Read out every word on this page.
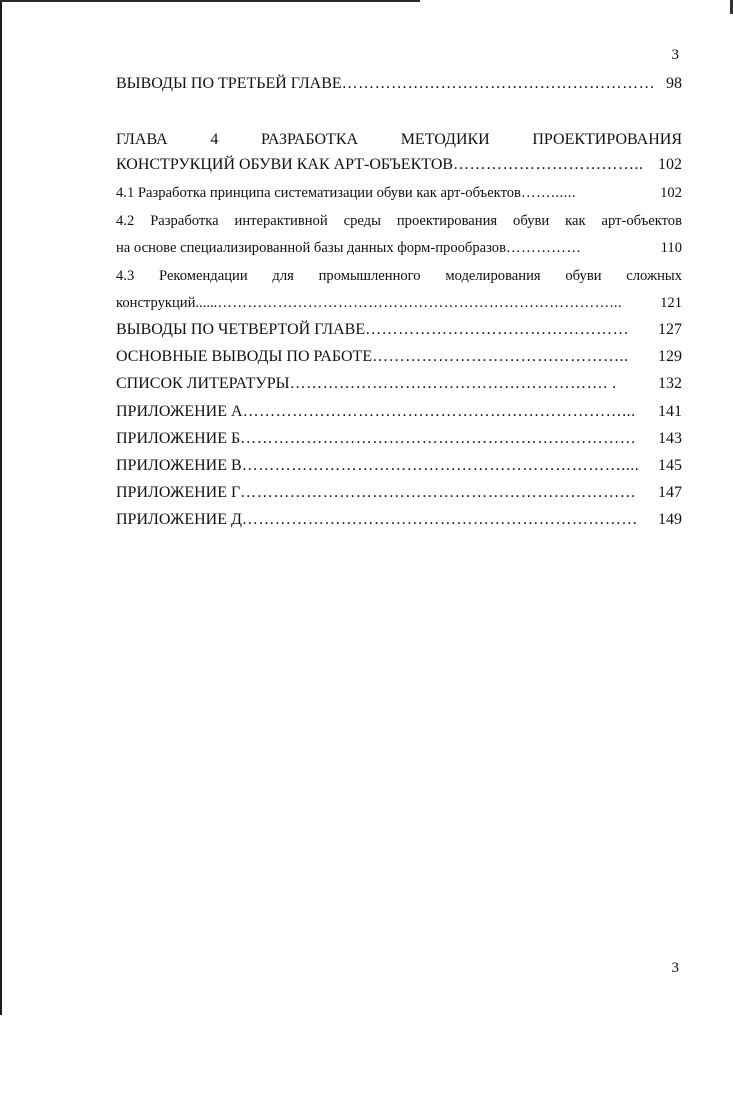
3
ВЫВОДЫ ПО ТРЕТЬЕЙ ГЛАВЕ ………………………………………………… 98
ГЛАВА 4 РАЗРАБОТКА МЕТОДИКИ ПРОЕКТИРОВАНИЯ
КОНСТРУКЦИЙ ОБУВИ КАК АРТ-ОБЪЕКТОВ …………………………….. 102
4.1 Разработка принципа систематизации обуви как арт-объектов ……......	102
4.2 Разработка интерактивной среды проектирования обуви как арт-объектов
на основе специализированной базы данных форм-прообразов ……………	110
4.3 Рекомендации для промышленного моделирования обуви сложных
конструкций...... ……………………………………………………………………...	121
ВЫВОДЫ ПО ЧЕТВЕРТОЙ ГЛАВЕ …………………………………………	127
ОСНОВНЫЕ ВЫВОДЫ ПО РАБОТЕ ………………………………………..	129
СПИСОК ЛИТЕРАТУРЫ …………………………………………………. .	132
ПРИЛОЖЕНИЕ А ……………………………………………………………...	141
ПРИЛОЖЕНИЕ Б ………………………………………………………………	143
ПРИЛОЖЕНИЕ В ……………………………………………………………....	145
ПРИЛОЖЕНИЕ Г ………………………………………………………………	147
ПРИЛОЖЕНИЕ Д ………………………………………………………………	149
3
